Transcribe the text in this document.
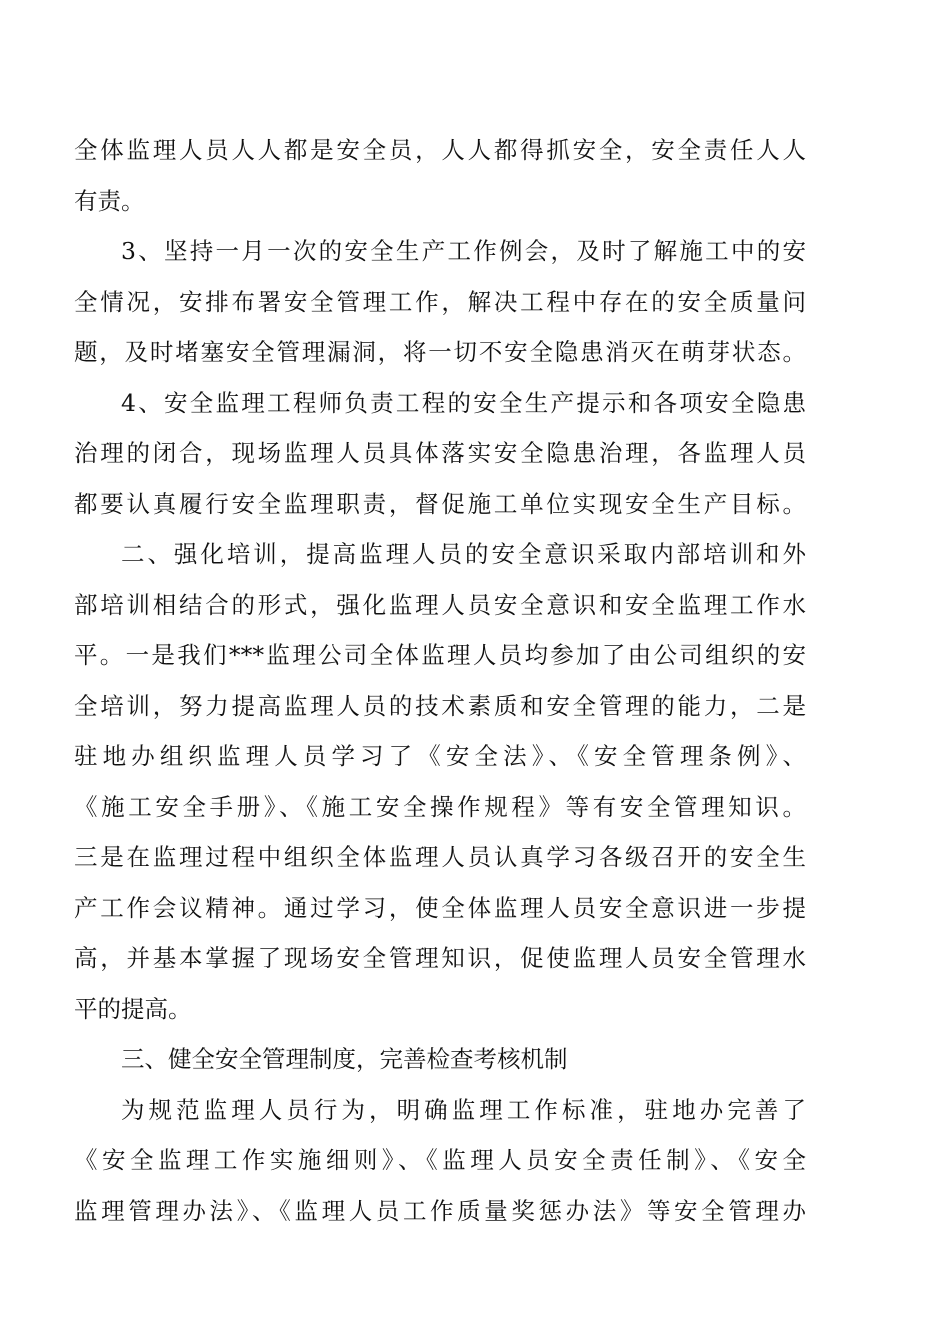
全体监理人员人人都是安全员，人人都得抓安全，安全责任人人
有责。
3、坚持一月一次的安全生产工作例会，及时了解施工中的安
全情况，安排布署安全管理工作，解决工程中存在的安全质量问
题，及时堵塞安全管理漏洞，将一切不安全隐患消灭在萌芽状态。
4、安全监理工程师负责工程的安全生产提示和各项安全隐患
治理的闭合，现场监理人员具体落实安全隐患治理，各监理人员
都要认真履行安全监理职责，督促施工单位实现安全生产目标。
二、强化培训，提高监理人员的安全意识采取内部培训和外
部培训相结合的形式，强化监理人员安全意识和安全监理工作水
平。一是我们***监理公司全体监理人员均参加了由公司组织的安
全培训，努力提高监理人员的技术素质和安全管理的能力，二是
驻地办组织监理人员学习了《安全法》、《安全管理条例》、
《施工安全手册》、《施工安全操作规程》等有安全管理知识。
三是在监理过程中组织全体监理人员认真学习各级召开的安全生
产工作会议精神。通过学习，使全体监理人员安全意识进一步提
高，并基本掌握了现场安全管理知识，促使监理人员安全管理水
平的提高。
三、健全安全管理制度，完善检查考核机制
为规范监理人员行为，明确监理工作标准，驻地办完善了
《安全监理工作实施细则》、《监理人员安全责任制》、《安全
监理管理办法》、《监理人员工作质量奖惩办法》等安全管理办
